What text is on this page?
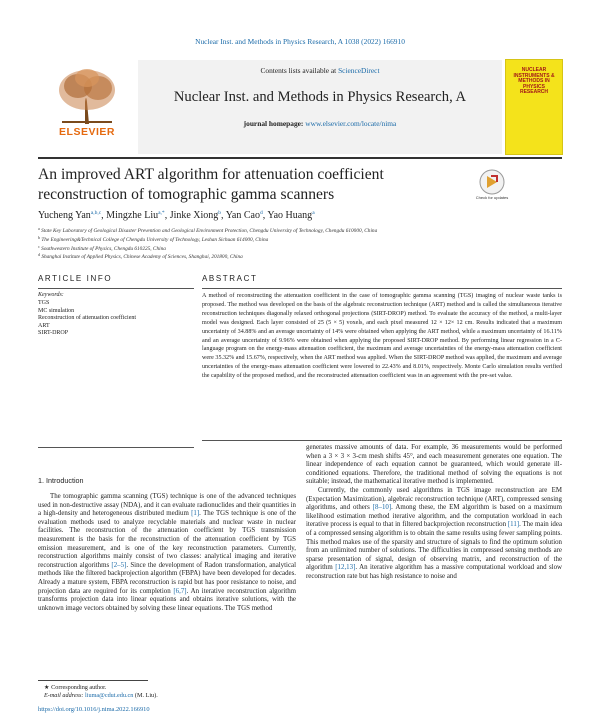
Nuclear Inst. and Methods in Physics Research, A 1038 (2022) 166910
ELSEVIER
Contents lists available at ScienceDirect
Nuclear Inst. and Methods in Physics Research, A
journal homepage: www.elsevier.com/locate/nima
NUCLEAR INSTRUMENTS & METHODS IN PHYSICS RESEARCH
An improved ART algorithm for attenuation coefficient reconstruction of tomographic gamma scanners	Check for updates
Yucheng Yan$^{a,b,c}$, Mingzhe Liu$^{a,*}$, Jinke Xiong$^b$, Yan Cao$^d$, Yao Huang$^a$
$^a$ State Key Laboratory of Geological Disaster Prevention and Geological Environment Protection, Chengdu University of Technology, Chengdu 610000, China
$^b$ The Engineering&Technical College of Chengdu University of Technology, Leshan Sichuan 614000, China
$^c$ Southwestern Institute of Physics, Chengdu 610225, China
$^d$ Shanghai Institute of Applied Physics, Chinese Academy of Sciences, Shanghai, 201800, China
ARTICLE INFO	ABSTRACT
Keywords:
TGS
MC simulation
Reconstruction of attenuation coefficient
ART
SIRT-DROP
A method of reconstructing the attenuation coefficient in the case of tomographic gamma scanning (TGS) imaging of nuclear waste tanks is proposed. The method was developed on the basis of the algebraic reconstruction technique (ART) method and is called the simultaneous iterative reconstruction techniques diagonally relaxed orthogonal projections (SIRT-DROP) method. To evaluate the accuracy of the method, a multi-layer model was designed. Each layer consisted of 25 (5 × 5) voxels, and each pixel measured 12 × 12× 12 cm. Results indicated that a maximum uncertainty of 34.88% and an average uncertainty of 14% were obtained when applying the ART method, while a maximum uncertainty of 16.11% and an average uncertainty of 9.96% were obtained when applying the proposed SIRT-DROP method. By performing linear regression in a C-language program on the energy-mass attenuation coefficient, the maximum and average uncertainties of the energy-mass attenuation coefficient were 35.32% and 15.67%, respectively, when the ART method was applied. When the SIRT-DROP method was applied, the maximum and average uncertainties of the energy-mass attenuation coefficient were lowered to 22.43% and 8.01%, respectively. Monte Carlo simulation results verified the capability of the proposed method, and the reconstructed attenuation coefficient was in an agreement with the pre-set value.
1. Introduction

The tomographic gamma scanning (TGS) technique is one of the advanced techniques used in non-destructive assay (NDA), and it can evaluate radionuclides and their quantities in a high-density and heterogeneous distributed medium [1]. The TGS technique is one of the evaluation methods used to analyze recyclable materials and nuclear waste in nuclear facilities. The reconstruction of the attenuation coefficient by TGS transmission measurement is the basis for the reconstruction of the attenuation coefficient by TGS emission measurement, and is one of the key reconstruction parameters. Currently, reconstruction algorithms mainly consist of two classes: analytical imaging and iterative reconstruction algorithms [2–5]. Since the development of Radon transformation, analytical methods like the filtered backprojection algorithm (FBPA) have been developed for decades. Already a mature system, FBPA reconstruction is rapid but has poor resistance to noise, and projection data are required for its completion [6,7]. An iterative reconstruction algorithm transforms projection data into linear equations and obtains iterative solutions, with the unknown image vectors obtained by solving these linear equations. The TGS method

generates massive amounts of data. For example, 36 measurements would be performed when a 3 × 3 × 3-cm mesh shifts 45°, and each measurement generates one equation. The linear independence of each equation cannot be guaranteed, which would generate ill-conditioned equations. Therefore, the traditional method of solving the equations is not suitable; instead, the mathematical iterative method is implemented.

Currently, the commonly used algorithms in TGS image reconstruction are EM (Expectation Maximization), algebraic reconstruction technique (ART), compressed sensing algorithms, and others [8–10]. Among these, the EM algorithm is based on a maximum likelihood estimation method iterative algorithm, and the computation workload in each iterative process is equal to that in filtered backprojection reconstruction [11]. The main idea of a compressed sensing algorithm is to obtain the same results using fewer sampling points. This method makes use of the sparsity and structure of signals to find the optimum solution from an unlimited number of solutions. The difficulties in compressed sensing methods are sparse presentation of signal, design of observing matrix, and reconstruction of the algorithm [12,13]. An iterative algorithm has a massive computational workload and slow reconstruction rate but has high resistance to noise and

★ Corresponding author.
E-mail address: liuma@cdut.edu.cn (M. Liu).
https://doi.org/10.1016/j.nima.2022.166910
